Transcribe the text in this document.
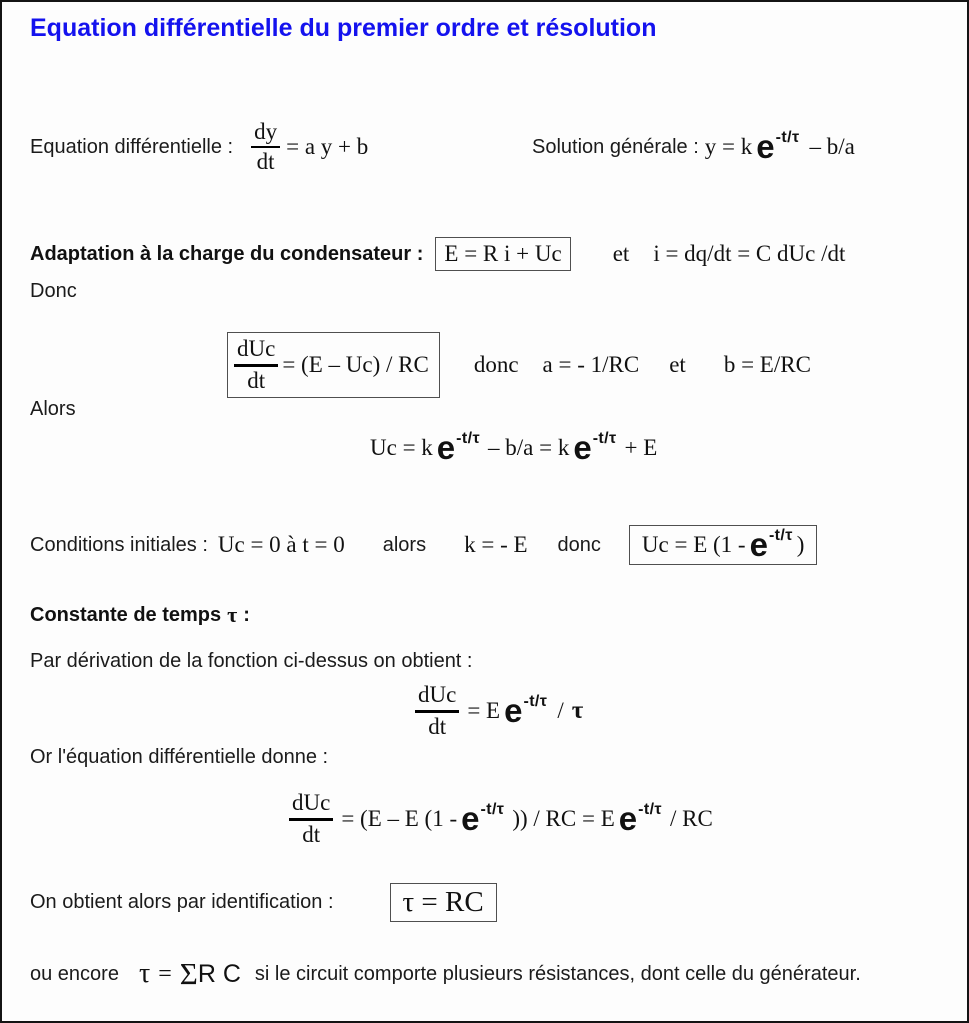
Equation différentielle du premier ordre et résolution
Equation différentielle : $\frac{dy}{dt} = a$ y + b	Solution générale : y = k e -t/τ – b/a
Adaptation à la charge du condensateur : E = R i + Uc	et i = dq/dt = C dUc /dt
Donc
$\frac{\text{dUc}}{dt} = (E - Uc)$ / RC donc a = - 1/RC et b = E/RC
Alors
Uc = k e -t/τ – b/a = k e -t/τ + E
Conditions initiales : Uc = 0 à t = 0 alors k = - E donc Uc = E (1 - e -t/τ )
Constante de temps τ :
Par dérivation de la fonction ci-dessus on obtient :
$\frac{\text{dUc}}{dt} = E$ e -t/τ / τ
Or l'équation différentielle donne :
$\frac{\text{dUc}}{dt} = (E - E$ (1 - e -t/τ )) / RC = E e -t/τ / RC
On obtient alors par identification :	τ = RC
ou encore τ = Σ R C si le circuit comporte plusieurs résistances, dont celle du générateur.
